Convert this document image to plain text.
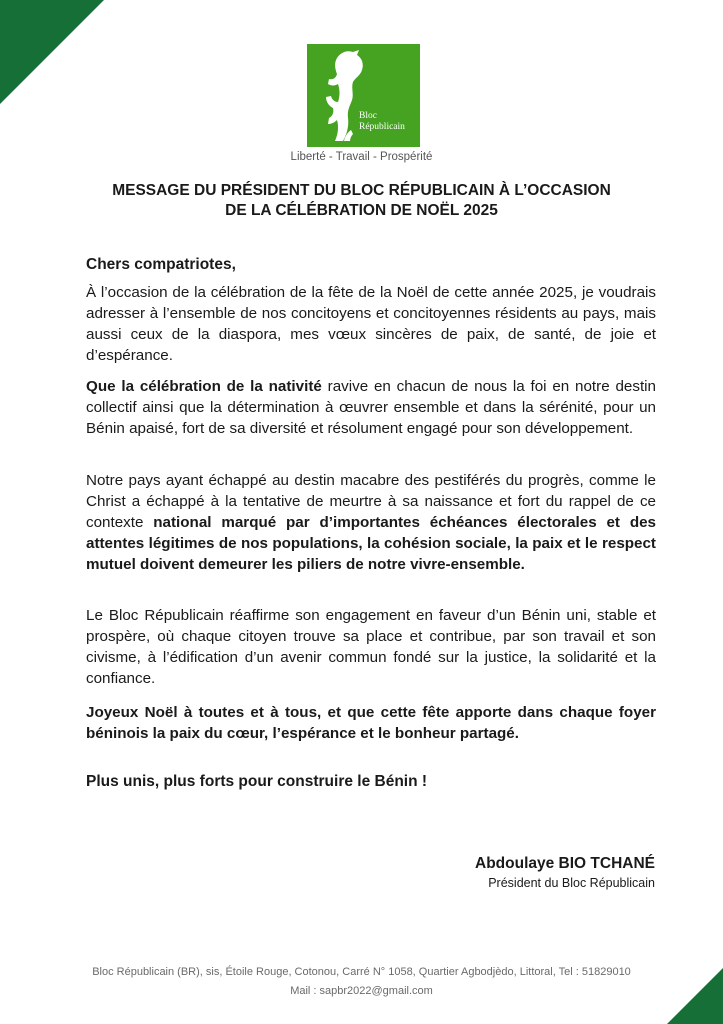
Bloc
Républicain
Liberté - Travail - Prospérité
MESSAGE DU PRÉSIDENT DU BLOC RÉPUBLICAIN À L’OCCASION
DE LA CÉLÉBRATION DE NOËL 2025
Chers compatriotes,

À l’occasion de la célébration de la fête de la Noël de cette année 2025, je voudrais adresser à l’ensemble de nos concitoyens et concitoyennes résidents au pays, mais aussi ceux de la diaspora, mes vœux sincères de paix, de santé, de joie et d’espérance.

Que la célébration de la nativité ravive en chacun de nous la foi en notre destin collectif ainsi que la détermination à œuvrer ensemble et dans la sérénité, pour un Bénin apaisé, fort de sa diversité et résolument engagé pour son développement.

Notre pays ayant échappé au destin macabre des pestiférés du progrès, comme le Christ a échappé à la tentative de meurtre à sa naissance et fort du rappel de ce contexte national marqué par d’importantes échéances électorales et des attentes légitimes de nos populations, la cohésion sociale, la paix et le respect mutuel doivent demeurer les piliers de notre vivre-ensemble.

Le Bloc Républicain réaffirme son engagement en faveur d’un Bénin uni, stable et prospère, où chaque citoyen trouve sa place et contribue, par son travail et son civisme, à l’édification d’un avenir commun fondé sur la justice, la solidarité et la confiance.

Joyeux Noël à toutes et à tous, et que cette fête apporte dans chaque foyer béninois la paix du cœur, l’espérance et le bonheur partagé.

Plus unis, plus forts pour construire le Bénin !
Abdoulaye BIO TCHANÉ
Président du Bloc Républicain
Bloc Républicain (BR), sis, Étoile Rouge, Cotonou, Carré N° 1058, Quartier Agbodjèdo, Littoral, Tel : 51829010
Mail : sapbr2022@gmail.com
